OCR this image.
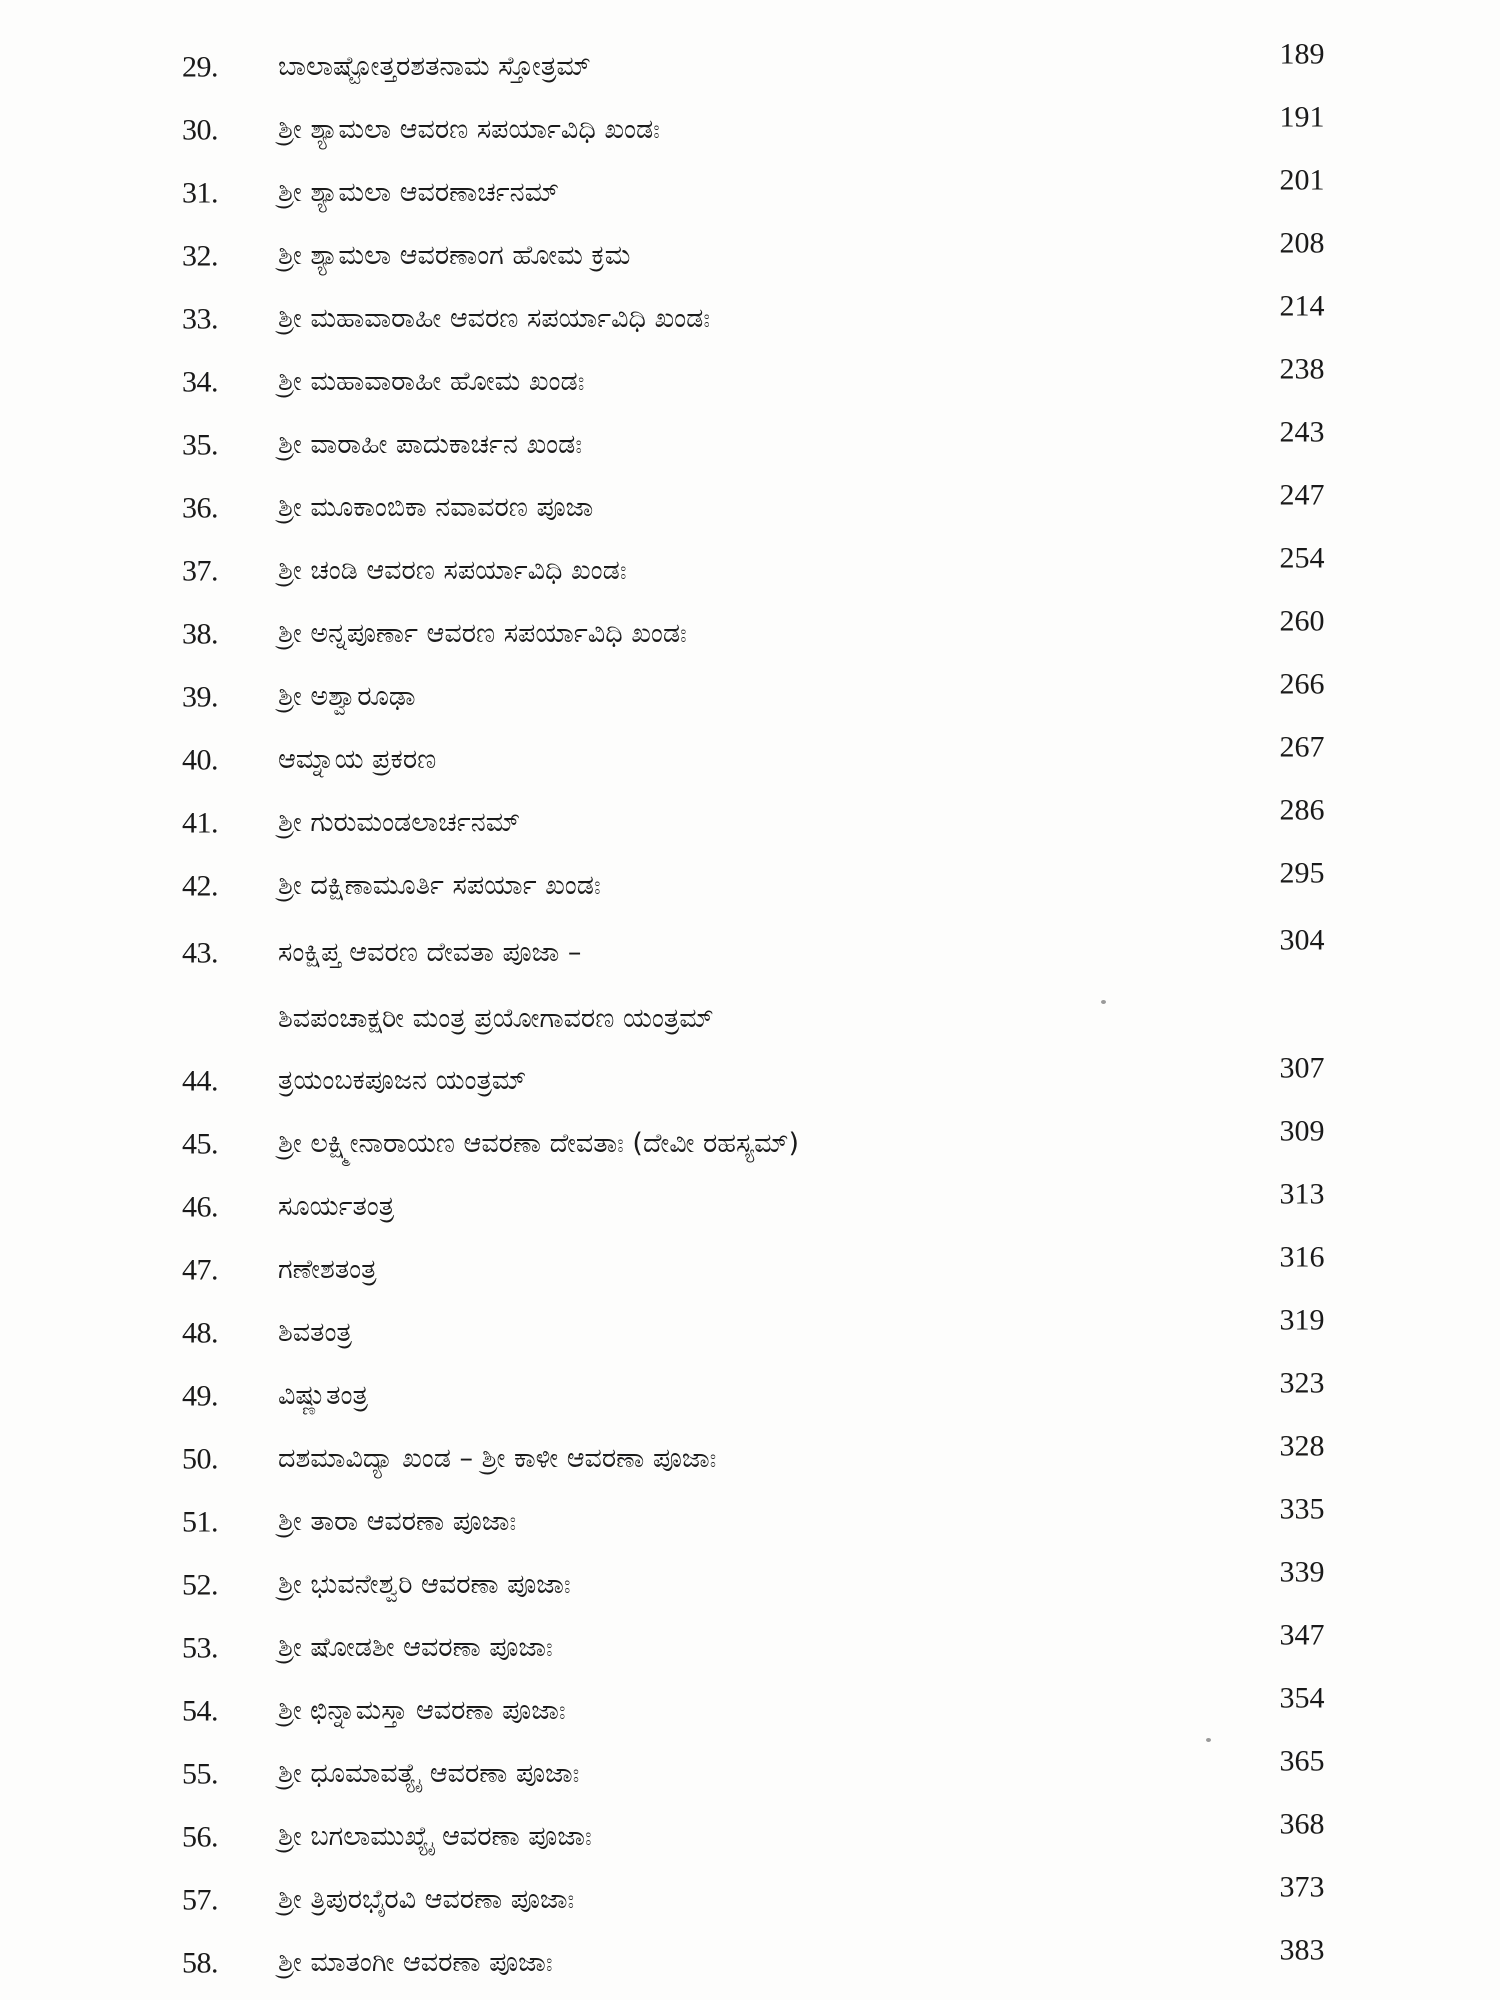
29. ಬಾಲಾಷ್ಟೋತ್ತರಶತನಾಮ ಸ್ತೋತ್ರಮ್	189
30. ಶ್ರೀ ಶ್ಯಾಮಲಾ ಆವರಣ ಸಪರ್ಯಾವಿಧಿ ಖಂಡಃ	191
31. ಶ್ರೀ ಶ್ಯಾಮಲಾ ಆವರಣಾರ್ಚನಮ್	201
32. ಶ್ರೀ ಶ್ಯಾಮಲಾ ಆವರಣಾಂಗ ಹೋಮ ಕ್ರಮ	208
33. ಶ್ರೀ ಮಹಾವಾರಾಹೀ ಆವರಣ ಸಪರ್ಯಾವಿಧಿ ಖಂಡಃ	214
34. ಶ್ರೀ ಮಹಾವಾರಾಹೀ ಹೋಮ ಖಂಡಃ	238
35. ಶ್ರೀ ವಾರಾಹೀ ಪಾದುಕಾರ್ಚನ ಖಂಡಃ	243
36. ಶ್ರೀ ಮೂಕಾಂಬಿಕಾ ನವಾವರಣ ಪೂಜಾ	247
37. ಶ್ರೀ ಚಂಡಿ ಆವರಣ ಸಪರ್ಯಾವಿಧಿ ಖಂಡಃ	254
38. ಶ್ರೀ ಅನ್ನಪೂರ್ಣಾ ಆವರಣ ಸಪರ್ಯಾವಿಧಿ ಖಂಡಃ	260
39. ಶ್ರೀ ಅಶ್ವಾರೂಢಾ	266
40. ಆಮ್ನಾಯ ಪ್ರಕರಣ	267
41. ಶ್ರೀ ಗುರುಮಂಡಲಾರ್ಚನಮ್	286
42. ಶ್ರೀ ದಕ್ಷಿಣಾಮೂರ್ತಿ ಸಪರ್ಯಾ ಖಂಡಃ	295
43. ಸಂಕ್ಷಿಪ್ತ ಆವರಣ ದೇವತಾ ಪೂಜಾ –	304
ಶಿವಪಂಚಾಕ್ಷರೀ ಮಂತ್ರ ಪ್ರಯೋಗಾವರಣ ಯಂತ್ರಮ್
44. ತ್ರಯಂಬಕಪೂಜನ ಯಂತ್ರಮ್	307
45. ಶ್ರೀ ಲಕ್ಷ್ಮೀನಾರಾಯಣ ಆವರಣಾ ದೇವತಾಃ (ದೇವೀ ರಹಸ್ಯಮ್)	309
46. ಸೂರ್ಯತಂತ್ರ	313
47. ಗಣೇಶತಂತ್ರ	316
48. ಶಿವತಂತ್ರ	319
49. ವಿಷ್ಣುತಂತ್ರ	323
50. ದಶಮಾವಿದ್ಯಾ ಖಂಡ – ಶ್ರೀ ಕಾಳೀ ಆವರಣಾ ಪೂಜಾಃ	328
51. ಶ್ರೀ ತಾರಾ ಆವರಣಾ ಪೂಜಾಃ	335
52. ಶ್ರೀ ಭುವನೇಶ್ವರಿ ಆವರಣಾ ಪೂಜಾಃ	339
53. ಶ್ರೀ ಷೋಡಶೀ ಆವರಣಾ ಪೂಜಾಃ	347
54. ಶ್ರೀ ಛಿನ್ನಾಮಸ್ತಾ ಆವರಣಾ ಪೂಜಾಃ	354
55. ಶ್ರೀ ಧೂಮಾವತ್ಯೈ ಆವರಣಾ ಪೂಜಾಃ	365
56. ಶ್ರೀ ಬಗಲಾಮುಖ್ಯೈ ಆವರಣಾ ಪೂಜಾಃ	368
57. ಶ್ರೀ ತ್ರಿಪುರಭೈರವಿ ಆವರಣಾ ಪೂಜಾಃ	373
58. ಶ್ರೀ ಮಾತಂಗೀ ಆವರಣಾ ಪೂಜಾಃ	383
